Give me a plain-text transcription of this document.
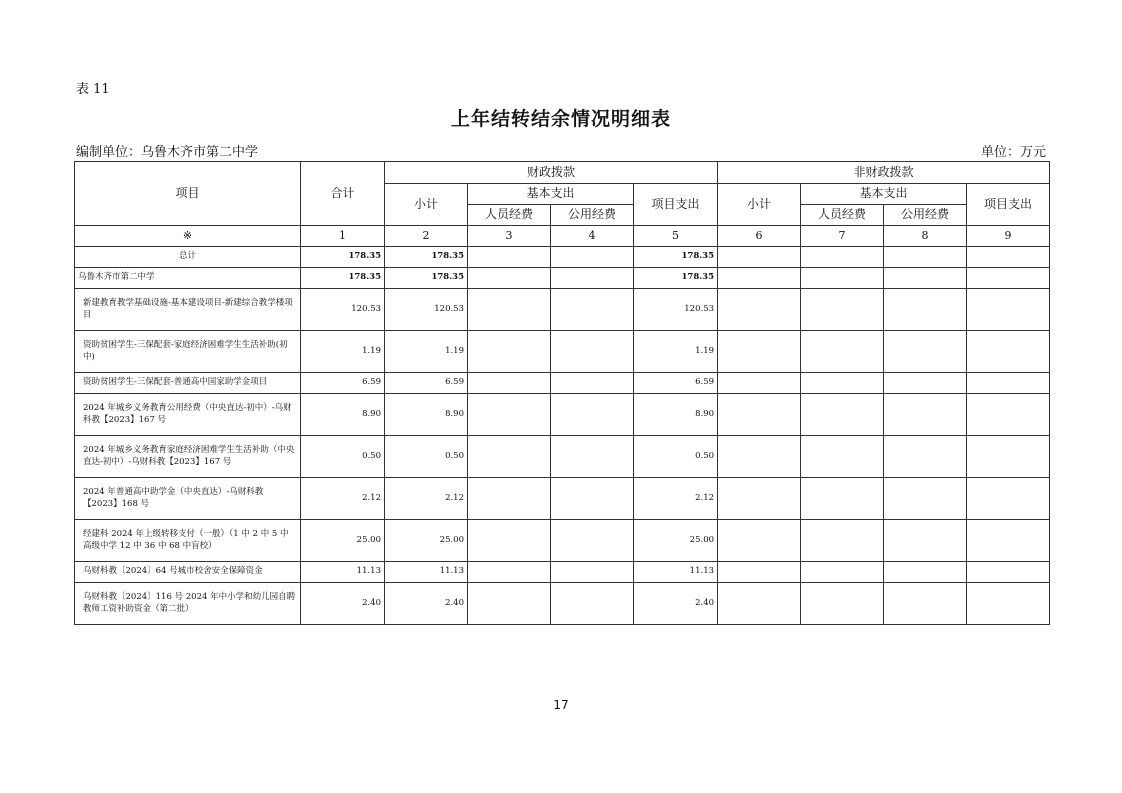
表 11
上年结转结余情况明细表
编制单位：乌鲁木齐市第二中学	单位：万元
项目	合计	财政拨款				非财政拨款			
		小计	基本支出		项目支出	小计	基本支出		项目支出
			人员经费	公用经费			人员经费	公用经费	
※	1	2	3	4	5	6	7	8	9
总计	178.35	178.35			178.35				
乌鲁木齐市第二中学	178.35	178.35			178.35				
新建教育教学基础设施-基本建设项目-新建综合教学楼项目	120.53	120.53			120.53				
资助贫困学生-三保配套-家庭经济困难学生生活补助(初中)	1.19	1.19			1.19				
资助贫困学生-三保配套-普通高中国家助学金项目	6.59	6.59			6.59				
2024 年城乡义务教育公用经费（中央直达-初中）-乌财科教【2023】167 号	8.90	8.90			8.90				
2024 年城乡义务教育家庭经济困难学生生活补助（中央直达-初中）-乌财科教【2023】167 号	0.50	0.50			0.50				
2024 年普通高中助学金（中央直达）-乌财科教【2023】168 号	2.12	2.12			2.12				
经建科 2024 年上级转移支付（一般）（1 中 2 中 5 中高级中学 12 中 36 中 68 中盲校）	25.00	25.00			25.00				
乌财科教〔2024〕64 号城市校舍安全保障资金	11.13	11.13			11.13				
乌财科教〔2024〕116 号 2024 年中小学和幼儿园自聘教师工资补助资金（第二批）	2.40	2.40			2.40				
17
